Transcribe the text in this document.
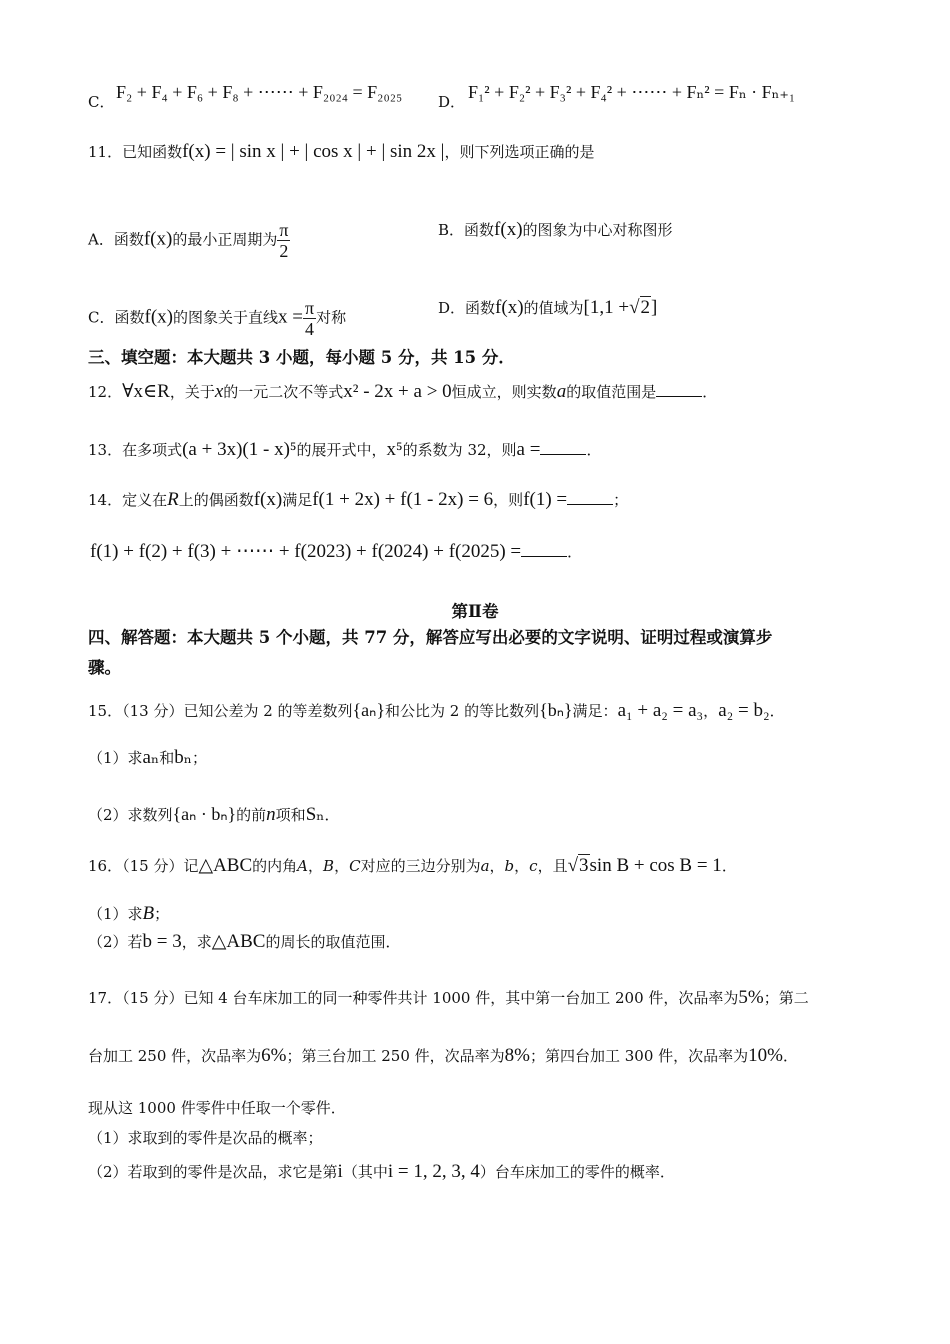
C． F₂ + F₄ + F₆ + F₈ + ⋯⋯ + F₂₀₂₄ = F₂₀₂₅ D． F₁² + F₂² + F₃² + F₄² + ⋯⋯ + Fₙ² = Fₙ · Fₙ₊₁
11．已知函数f(x) = | sin x | + | cos x | + | sin 2x |，则下列选项正确的是
A．函数f(x)的最小正周期为 $\frac{\pi}{2}$	B．函数f(x)的图象为中心对称图形
C．函数f(x)的图象关于直线$x = \frac{\pi}{4}$ 对称
D．函数f(x)的值域为[1,1 +√2]
三、填空题：本大题共 3 小题，每小题 5 分，共 15 分．
12．∀x∈R，关于x的一元二次不等式x² - 2x + a > 0恒成立，则实数a的取值范围是	．
13．在多项式(a + 3x)(1 - x)⁵的展开式中，x⁵的系数为 32，则a =	．
14．定义在R上的偶函数f(x)满足f(1 + 2x) + f(1 - 2x) = 6，则f(1) =	；
f(1) + f(2) + f(3) + ⋯⋯ + f(2023) + f(2024) + f(2025) =	．
第Ⅱ卷
四、解答题：本大题共 5 个小题，共 77 分，解答应写出必要的文字说明、证明过程或演算步
骤。
15．（13 分）已知公差为 2 的等差数列{aₙ}和公比为 2 的等比数列{bₙ}满足：a₁ + a₂ = a₃，a₂ = b₂．
（1）求aₙ和bₙ；
（2）求数列{aₙ · bₙ}的前n项和Sₙ．
16．（15 分）记△ABC的内角A，B，C对应的三边分别为a，b，c，且√3sin B + cos B = 1．
（1）求B；
（2）若b = 3，求△ABC的周长的取值范围．
17．（15 分）已知 4 台车床加工的同一种零件共计 1000 件，其中第一台加工 200 件，次品率为5%；第二
台加工 250 件，次品率为6%；第三台加工 250 件，次品率为8%；第四台加工 300 件，次品率为10%．
现从这 1000 件零件中任取一个零件．
（1）求取到的零件是次品的概率；
（2）若取到的零件是次品，求它是第i（其中i = 1, 2, 3, 4）台车床加工的零件的概率．
